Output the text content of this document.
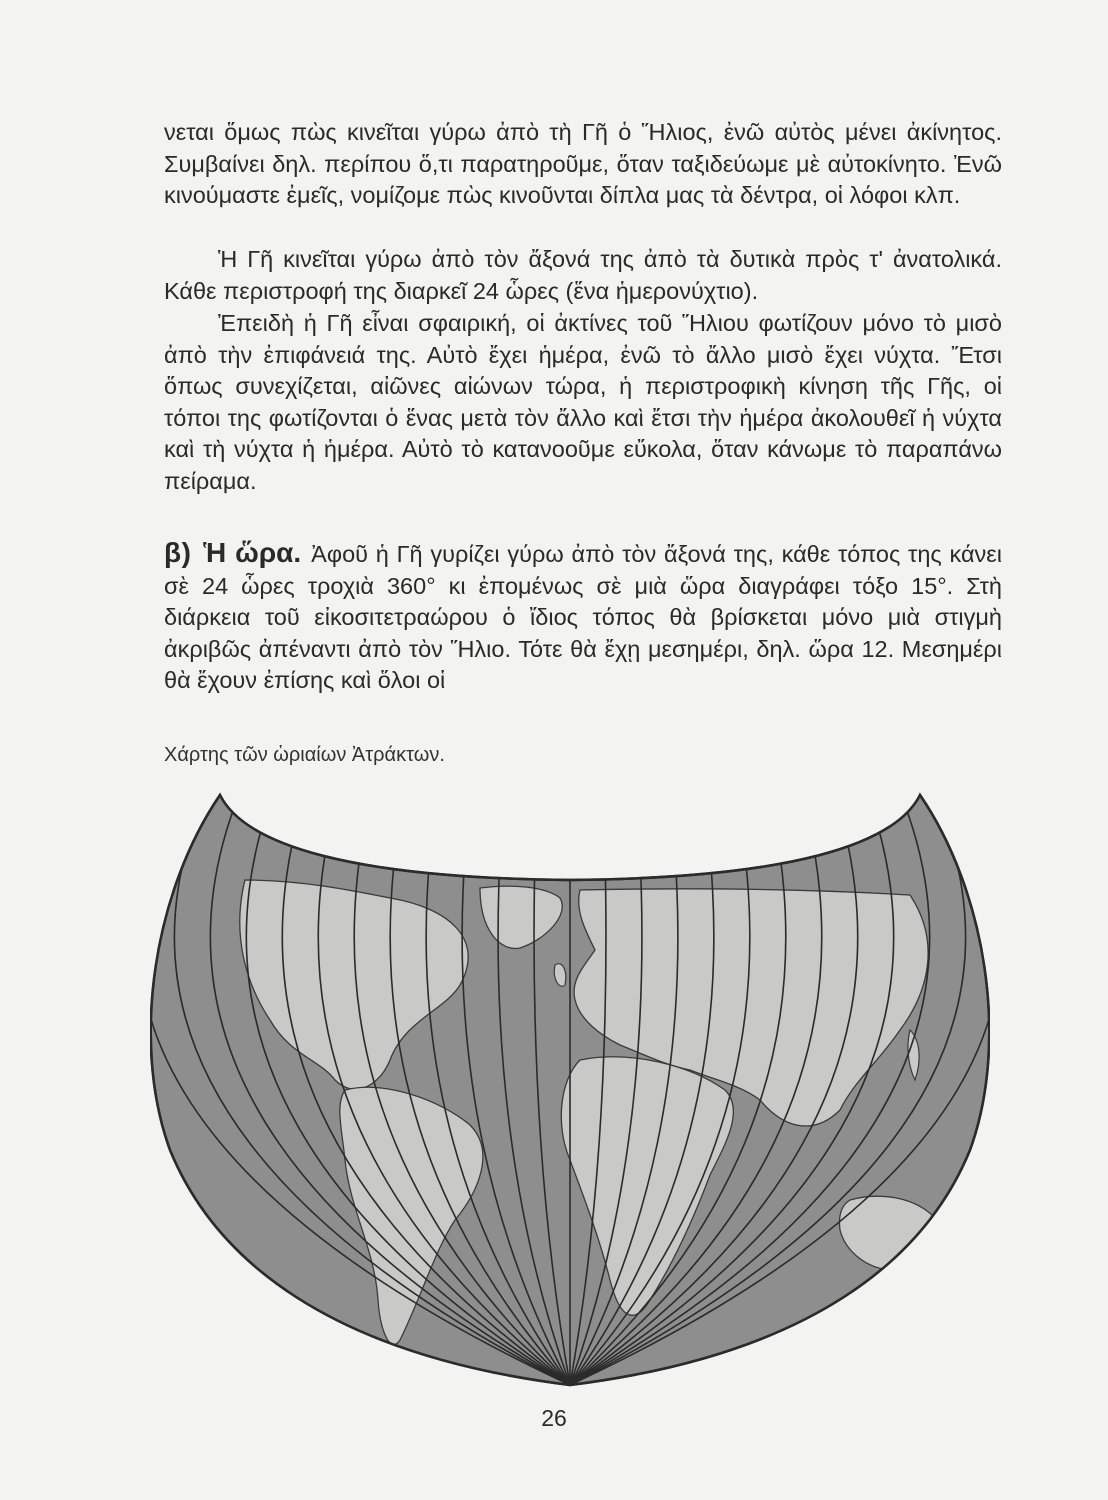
νεται ὅμως πὼς κινεῖται γύρω ἀπὸ τὴ Γῆ ὁ Ἥλιος, ἐνῶ αὐτὸς μένει ἀκίνητος. Συμβαίνει δηλ. περίπου ὅ,τι παρατηροῦμε, ὅταν ταξιδεύωμε μὲ αὐτοκίνητο. Ἐνῶ κινούμαστε ἐμεῖς, νομίζομε πὼς κινοῦνται δίπλα μας τὰ δέντρα, οἱ λόφοι κλπ.

Ἡ Γῆ κινεῖται γύρω ἀπὸ τὸν ἄξονά της ἀπὸ τὰ δυτικὰ πρὸς τ' ἀνατολικά. Κάθε περιστροφή της διαρκεῖ 24 ὧρες (ἕνα ἡμερονύχτιο).

Ἐπειδὴ ἡ Γῆ εἶναι σφαιρική, οἱ ἀκτίνες τοῦ Ἥλιου φωτίζουν μόνο τὸ μισὸ ἀπὸ τὴν ἐπιφάνειά της. Αὐτὸ ἔχει ἡμέρα, ἐνῶ τὸ ἄλλο μισὸ ἔχει νύχτα. Ἔτσι ὅπως συνεχίζεται, αἰῶνες αἰώνων τώρα, ἡ περιστροφικὴ κίνηση τῆς Γῆς, οἱ τόποι της φωτίζονται ὁ ἕνας μετὰ τὸν ἄλλο καὶ ἔτσι τὴν ἡμέρα ἀκολουθεῖ ἡ νύχτα καὶ τὴ νύχτα ἡ ἡμέρα. Αὐτὸ τὸ κατανοοῦμε εὔκολα, ὅταν κάνωμε τὸ παραπάνω πείραμα.

β) Ἡ ὥρα. Ἀφοῦ ἡ Γῆ γυρίζει γύρω ἀπὸ τὸν ἄξονά της, κάθε τόπος της κάνει σὲ 24 ὧρες τροχιὰ 360° κι ἐπομένως σὲ μιὰ ὥρα διαγράφει τόξο 15°. Στὴ διάρκεια τοῦ εἰκοσιτετραώρου ὁ ἴδιος τόπος θὰ βρίσκεται μόνο μιὰ στιγμὴ ἀκριβῶς ἀπέναντι ἀπὸ τὸν Ἥλιο. Τότε θὰ ἔχῃ μεσημέρι, δηλ. ὥρα 12. Μεσημέρι θὰ ἔχουν ἐπίσης καὶ ὅλοι οἱ

Χάρτης τῶν ὡριαίων Ἀτράκτων.

26
